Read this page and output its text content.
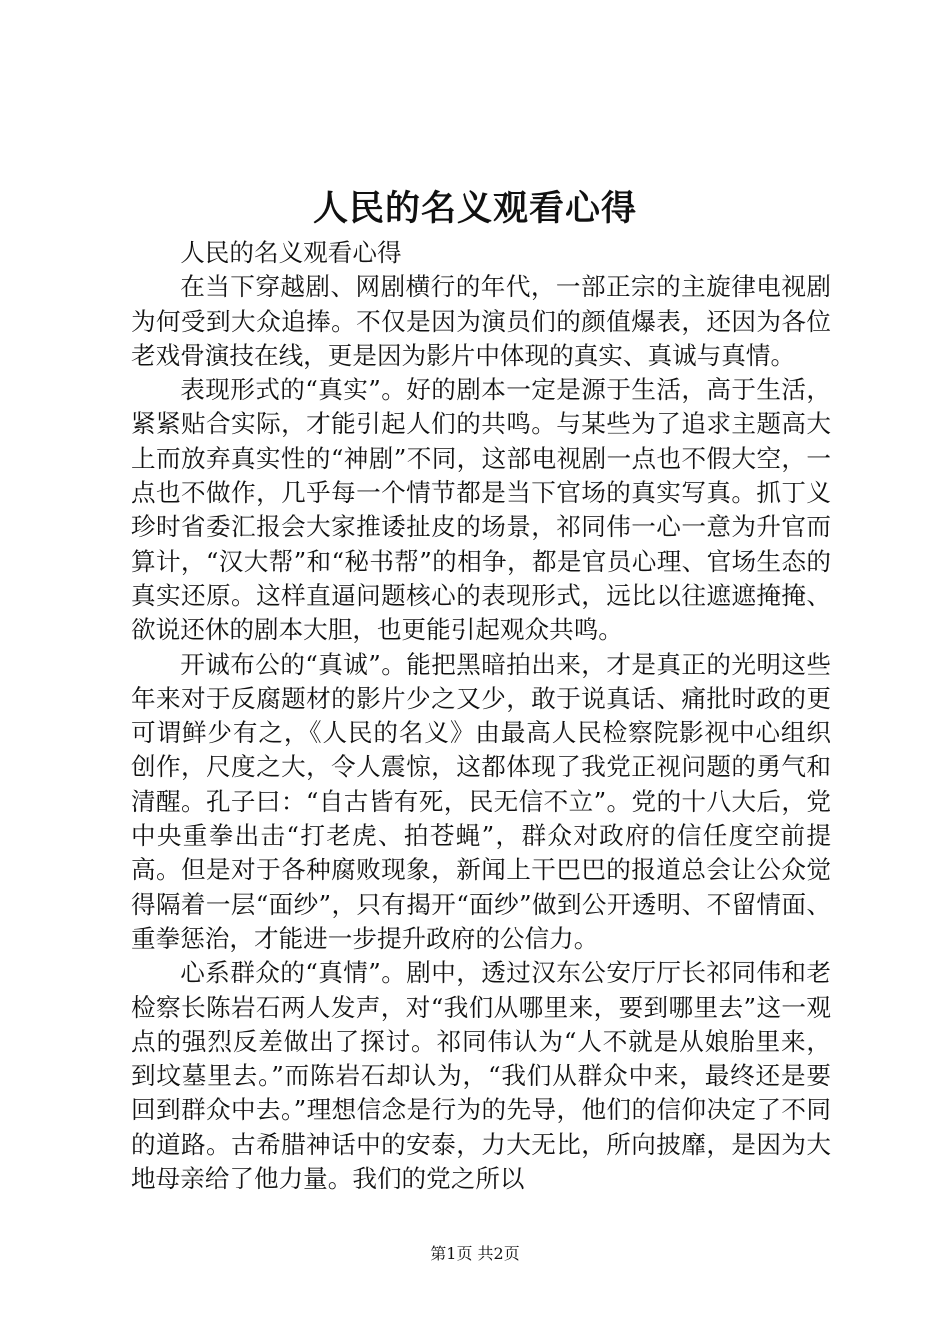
人民的名义观看心得

人民的名义观看心得

在当下穿越剧、网剧横行的年代，一部正宗的主旋律电视剧为何受到大众追捧。不仅是因为演员们的颜值爆表，还因为各位老戏骨演技在线，更是因为影片中体现的真实、真诚与真情。

表现形式的“真实”。好的剧本一定是源于生活，高于生活，紧紧贴合实际，才能引起人们的共鸣。与某些为了追求主题高大上而放弃真实性的“神剧”不同，这部电视剧一点也不假大空，一点也不做作，几乎每一个情节都是当下官场的真实写真。抓丁义珍时省委汇报会大家推诿扯皮的场景，祁同伟一心一意为升官而算计，“汉大帮”和“秘书帮”的相争，都是官员心理、官场生态的真实还原。这样直逼问题核心的表现形式，远比以往遮遮掩掩、欲说还休的剧本大胆，也更能引起观众共鸣。

开诚布公的“真诚”。能把黑暗拍出来，才是真正的光明这些年来对于反腐题材的影片少之又少，敢于说真话、痛批时政的更可谓鲜少有之，《人民的名义》由最高人民检察院影视中心组织创作，尺度之大，令人震惊，这都体现了我党正视问题的勇气和清醒。孔子曰：“自古皆有死，民无信不立”。党的十八大后，党中央重拳出击“打老虎、拍苍蝇”，群众对政府的信任度空前提高。但是对于各种腐败现象，新闻上干巴巴的报道总会让公众觉得隔着一层“面纱”，只有揭开“面纱”做到公开透明、不留情面、重拳惩治，才能进一步提升政府的公信力。

心系群众的“真情”。剧中，透过汉东公安厅厅长祁同伟和老检察长陈岩石两人发声，对“我们从哪里来，要到哪里去”这一观点的强烈反差做出了探讨。祁同伟认为“人不就是从娘胎里来，到坟墓里去。”而陈岩石却认为，“我们从群众中来，最终还是要回到群众中去。”理想信念是行为的先导，他们的信仰决定了不同的道路。古希腊神话中的安泰，力大无比，所向披靡，是因为大地母亲给了他力量。我们的党之所以

第1页 共2页
